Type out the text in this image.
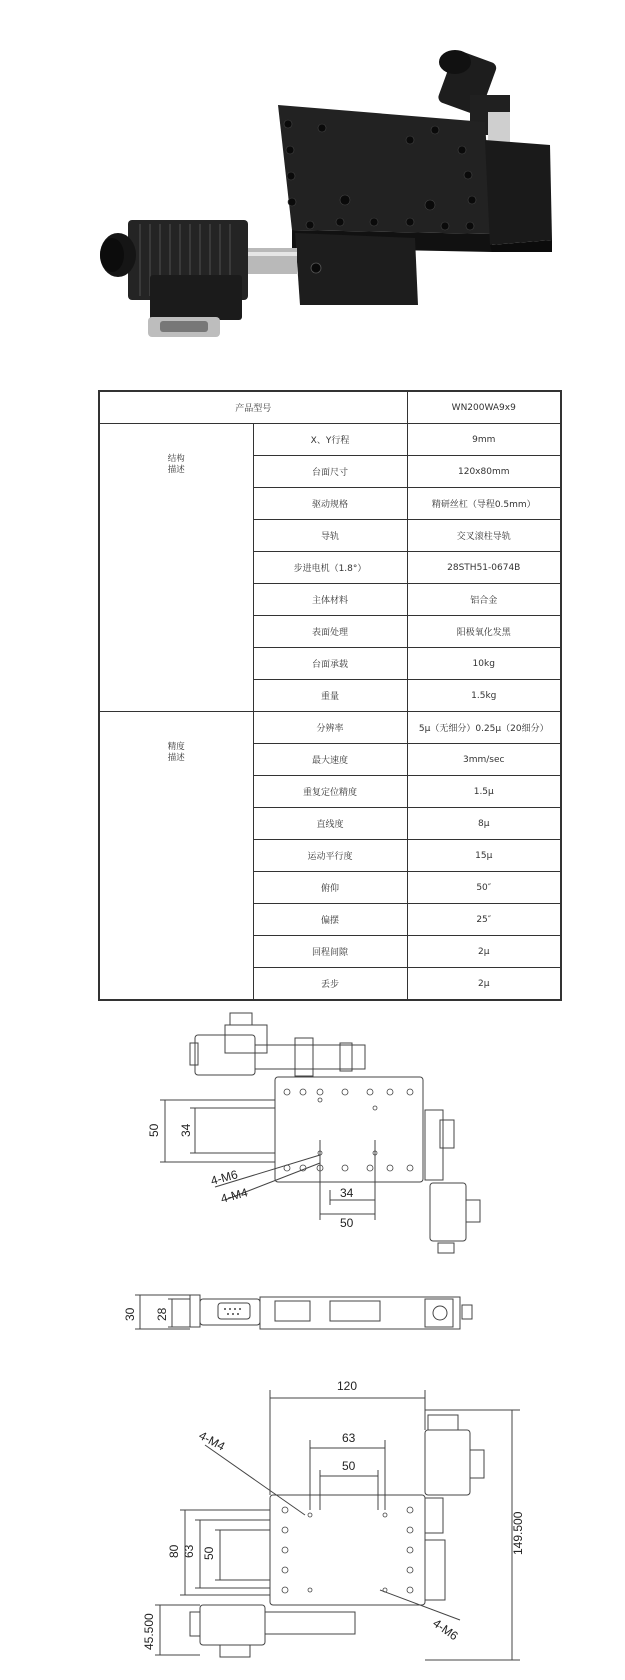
产品型号		WN200WA9x9
结构
描述	X、Y行程	9mm
	台面尺寸	120x80mm
	驱动规格	精研丝杠（导程0.5mm）
	导轨	交叉滚柱导轨
	步进电机（1.8°）	28STH51-0674B
	主体材料	铝合金
	表面处理	阳极氧化发黑
	台面承载	10kg
	重量	1.5kg
精度
描述	分辨率	5μ（无细分）0.25μ（20细分）
	最大速度	3mm/sec
	重复定位精度	1.5μ
	直线度	8μ
	运动平行度	15μ
	俯仰	50″
	偏摆	25″
	回程间隙	2μ
	丢步	2μ
50 34
4-M6
4-M4	34
50
30 28
120
63
50
4-M4
149.500
80 63 50
45.500	4-M6
